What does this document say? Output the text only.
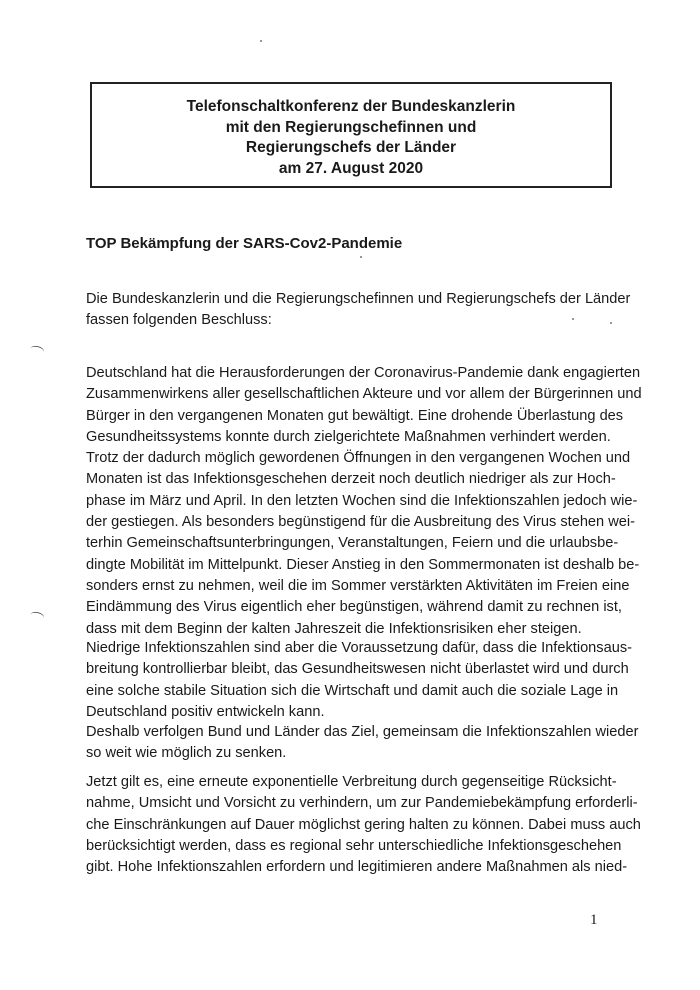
Telefonschaltkonferenz der Bundeskanzlerin
mit den Regierungschefinnen und
Regierungschefs der Länder
am 27. August 2020
TOP Bekämpfung der SARS-Cov2-Pandemie

Die Bundeskanzlerin und die Regierungschefinnen und Regierungschefs der Länder
fassen folgenden Beschluss:

Deutschland hat die Herausforderungen der Coronavirus-Pandemie dank engagierten
Zusammenwirkens aller gesellschaftlichen Akteure und vor allem der Bürgerinnen und
Bürger in den vergangenen Monaten gut bewältigt. Eine drohende Überlastung des
Gesundheitssystems konnte durch zielgerichtete Maßnahmen verhindert werden.
Trotz der dadurch möglich gewordenen Öffnungen in den vergangenen Wochen und
Monaten ist das Infektionsgeschehen derzeit noch deutlich niedriger als zur Hoch-
phase im März und April. In den letzten Wochen sind die Infektionszahlen jedoch wie-
der gestiegen. Als besonders begünstigend für die Ausbreitung des Virus stehen wei-
terhin Gemeinschaftsunterbringungen, Veranstaltungen, Feiern und die urlaubsbe-
dingte Mobilität im Mittelpunkt. Dieser Anstieg in den Sommermonaten ist deshalb be-
sonders ernst zu nehmen, weil die im Sommer verstärkten Aktivitäten im Freien eine
Eindämmung des Virus eigentlich eher begünstigen, während damit zu rechnen ist,
dass mit dem Beginn der kalten Jahreszeit die Infektionsrisiken eher steigen.

Niedrige Infektionszahlen sind aber die Voraussetzung dafür, dass die Infektionsaus-
breitung kontrollierbar bleibt, das Gesundheitswesen nicht überlastet wird und durch
eine solche stabile Situation sich die Wirtschaft und damit auch die soziale Lage in
Deutschland positiv entwickeln kann.

Deshalb verfolgen Bund und Länder das Ziel, gemeinsam die Infektionszahlen wieder
so weit wie möglich zu senken.

Jetzt gilt es, eine erneute exponentielle Verbreitung durch gegenseitige Rücksicht-
nahme, Umsicht und Vorsicht zu verhindern, um zur Pandemiebekämpfung erforderli-
che Einschränkungen auf Dauer möglichst gering halten zu können. Dabei muss auch
berücksichtigt werden, dass es regional sehr unterschiedliche Infektionsgeschehen
gibt. Hohe Infektionszahlen erfordern und legitimieren andere Maßnahmen als nied-

1
